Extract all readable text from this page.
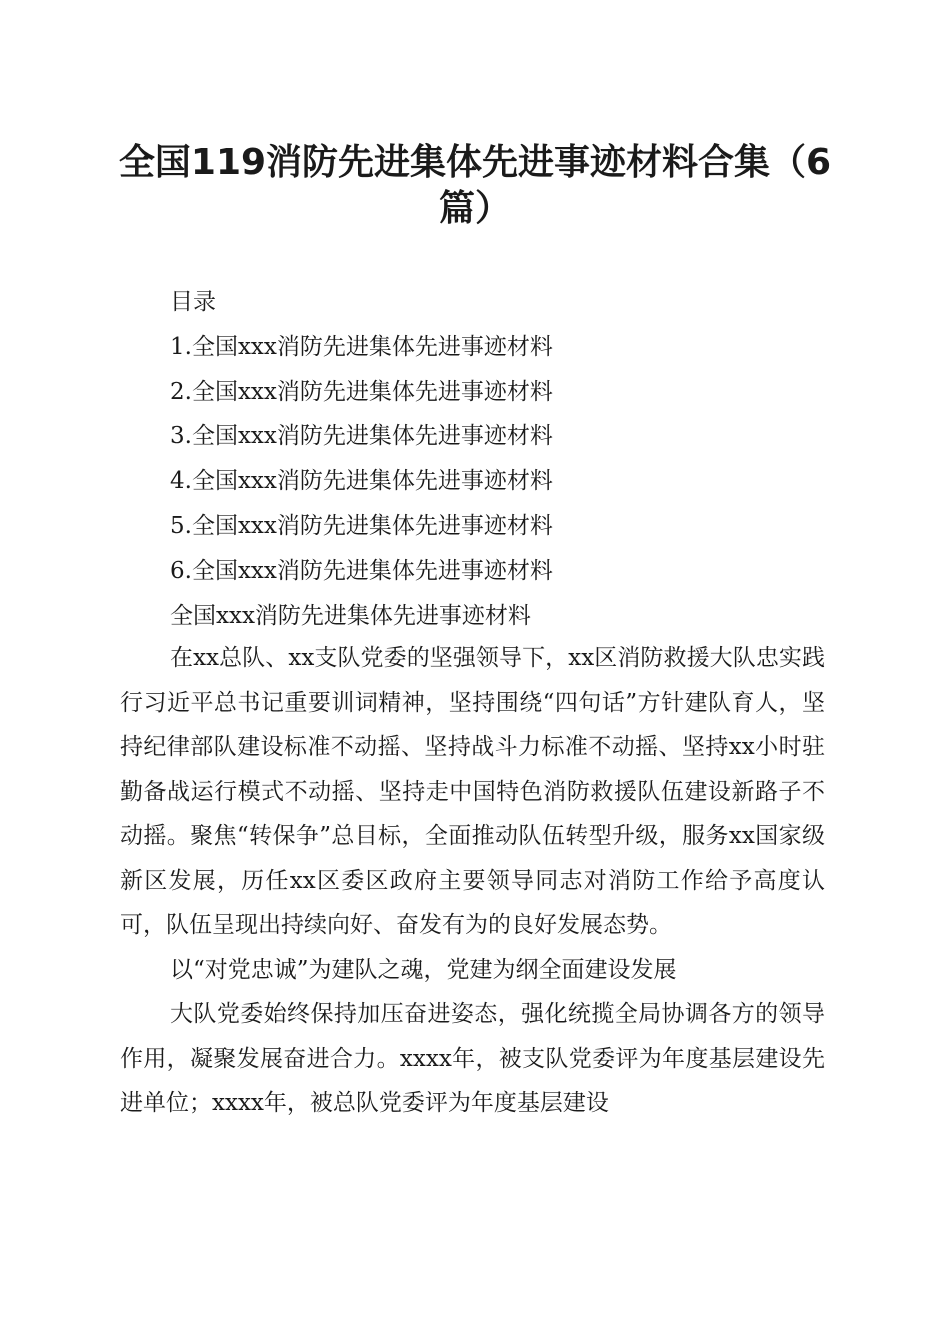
全国119消防先进集体先进事迹材料合集（6
篇）
目录
1.全国xxx消防先进集体先进事迹材料
2.全国xxx消防先进集体先进事迹材料
3.全国xxx消防先进集体先进事迹材料
4.全国xxx消防先进集体先进事迹材料
5.全国xxx消防先进集体先进事迹材料
6.全国xxx消防先进集体先进事迹材料
全国xxx消防先进集体先进事迹材料

在xx总队、xx支队党委的坚强领导下，xx区消防救援大队忠实践行习近平总书记重要训词精神，坚持围绕“四句话”方针建队育人，坚持纪律部队建设标准不动摇、坚持战斗力标准不动摇、坚持xx小时驻勤备战运行模式不动摇、坚持走中国特色消防救援队伍建设新路子不动摇。聚焦“转保争”总目标，全面推动队伍转型升级，服务xx国家级新区发展，历任xx区委区政府主要领导同志对消防工作给予高度认可，队伍呈现出持续向好、奋发有为的良好发展态势。

以“对党忠诚”为建队之魂，党建为纲全面建设发展

大队党委始终保持加压奋进姿态，强化统揽全局协调各方的领导作用，凝聚发展奋进合力。xxxx年，被支队党委评为年度基层建设先进单位；xxxx年，被总队党委评为年度基层建设
